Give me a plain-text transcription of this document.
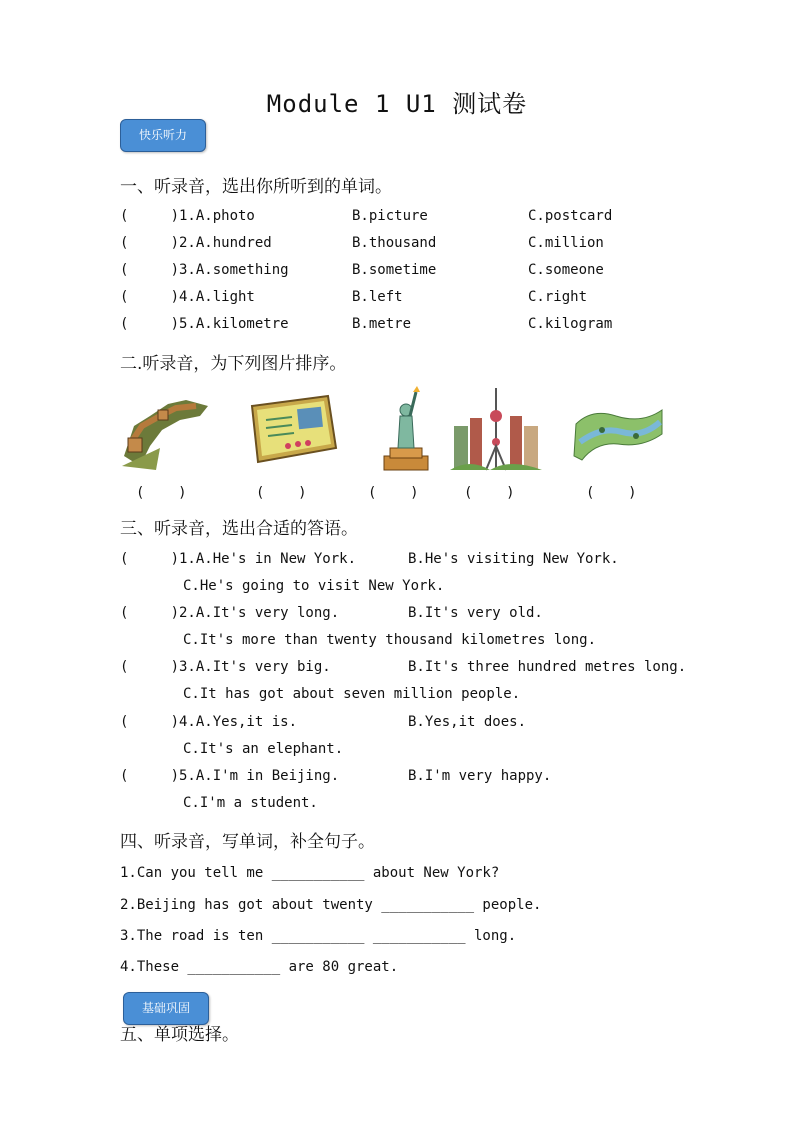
Module 1 U1 测试卷
快乐听力
一、听录音，选出你所听到的单词。
(     )1.A.photo	B.picture	C.postcard
(     )2.A.hundred	B.thousand	C.million
(     )3.A.something	B.sometime	C.someone
(     )4.A.light	B.left	C.right
(     )5.A.kilometre	B.metre	C.kilogram
二.听录音，为下列图片排序。
(    )	(    )	(    )	(    )	(    )
三、听录音，选出合适的答语。
(     )1.A.He's in New York.	B.He's visiting New York.
C.He's going to visit New York.
(     )2.A.It's very long.	B.It's very old.
C.It's more than twenty thousand kilometres long.
(     )3.A.It's very big.	B.It's three hundred metres long.
C.It has got about seven million people.
(     )4.A.Yes,it is.	B.Yes,it does.
C.It's an elephant.
(     )5.A.I'm in Beijing.	B.I'm very happy.
C.I'm a student.
四、听录音，写单词，补全句子。
1.Can you tell me ___________ about New York?
2.Beijing has got about twenty ___________ people.
3.The road is ten ___________ ___________ long.
4.These ___________ are 80 great.
五、单项选择。
基础巩固
